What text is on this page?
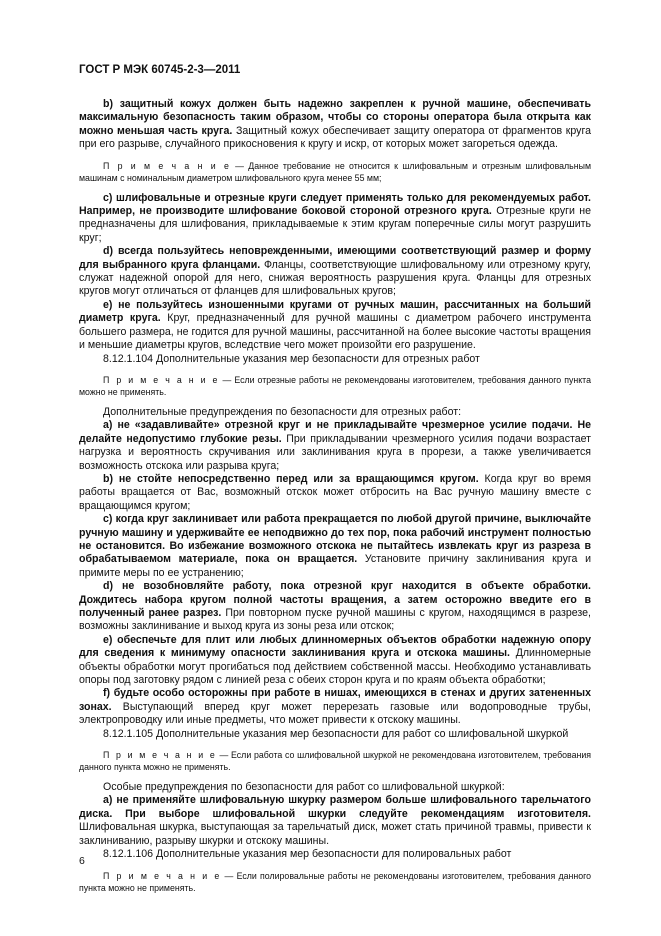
ГОСТ Р МЭК 60745-2-3—2011

b) защитный кожух должен быть надежно закреплен к ручной машине, обеспечивать максимальную безопасность таким образом, чтобы со стороны оператора была открыта как можно меньшая часть круга. Защитный кожух обеспечивает защиту оператора от фрагментов круга при его разрыве, случайного прикосновения к кругу и искр, от которых может загореться одежда.

П р и м е ч а н и е — Данное требование не относится к шлифовальным и отрезным шлифовальным машинам с номинальным диаметром шлифовального круга менее 55 мм;

c) шлифовальные и отрезные круги следует применять только для рекомендуемых работ. Например, не производите шлифование боковой стороной отрезного круга. Отрезные круги не предназначены для шлифования, прикладываемые к этим кругам поперечные силы могут разрушить круг;

d) всегда пользуйтесь неповрежденными, имеющими соответствующий размер и форму для выбранного круга фланцами. Фланцы, соответствующие шлифовальному или отрезному кругу, служат надежной опорой для него, снижая вероятность разрушения круга. Фланцы для отрезных кругов могут отличаться от фланцев для шлифовальных кругов;

e) не пользуйтесь изношенными кругами от ручных машин, рассчитанных на больший диаметр круга. Круг, предназначенный для ручной машины с диаметром рабочего инструмента большего размера, не годится для ручной машины, рассчитанной на более высокие частоты вращения и меньшие диаметры кругов, вследствие чего может произойти его разрушение.

8.12.1.104 Дополнительные указания мер безопасности для отрезных работ

П р и м е ч а н и е — Если отрезные работы не рекомендованы изготовителем, требования данного пункта можно не применять.

Дополнительные предупреждения по безопасности для отрезных работ:

a) не «задавливайте» отрезной круг и не прикладывайте чрезмерное усилие подачи. Не делайте недопустимо глубокие резы. При прикладывании чрезмерного усилия подачи возрастает нагрузка и вероятность скручивания или заклинивания круга в прорези, а также увеличивается возможность отскока или разрыва круга;

b) не стойте непосредственно перед или за вращающимся кругом. Когда круг во время работы вращается от Вас, возможный отскок может отбросить на Вас ручную машину вместе с вращающимся кругом;

c) когда круг заклинивает или работа прекращается по любой другой причине, выключайте ручную машину и удерживайте ее неподвижно до тех пор, пока рабочий инструмент полностью не остановится. Во избежание возможного отскока не пытайтесь извлекать круг из разреза в обрабатываемом материале, пока он вращается. Установите причину заклинивания круга и примите меры по ее устранению;

d) не возобновляйте работу, пока отрезной круг находится в объекте обработки. Дождитесь набора кругом полной частоты вращения, а затем осторожно введите его в полученный ранее разрез. При повторном пуске ручной машины с кругом, находящимся в разрезе, возможны заклинивание и выход круга из зоны реза или отскок;

e) обеспечьте для плит или любых длинномерных объектов обработки надежную опору для сведения к минимуму опасности заклинивания круга и отскока машины. Длинномерные объекты обработки могут прогибаться под действием собственной массы. Необходимо устанавливать опоры под заготовку рядом с линией реза с обеих сторон круга и по краям объекта обработки;

f) будьте особо осторожны при работе в нишах, имеющихся в стенах и других затененных зонах. Выступающий вперед круг может перерезать газовые или водопроводные трубы, электропроводку или иные предметы, что может привести к отскоку машины.

8.12.1.105 Дополнительные указания мер безопасности для работ со шлифовальной шкуркой

П р и м е ч а н и е — Если работа со шлифовальной шкуркой не рекомендована изготовителем, требования данного пункта можно не применять.

Особые предупреждения по безопасности для работ со шлифовальной шкуркой:

a) не применяйте шлифовальную шкурку размером больше шлифовального тарельчатого диска. При выборе шлифовальной шкурки следуйте рекомендациям изготовителя. Шлифовальная шкурка, выступающая за тарельчатый диск, может стать причиной травмы, привести к заклиниванию, разрыву шкурки и отскоку машины.

8.12.1.106 Дополнительные указания мер безопасности для полировальных работ

П р и м е ч а н и е — Если полировальные работы не рекомендованы изготовителем, требования данного пункта можно не применять.

6
